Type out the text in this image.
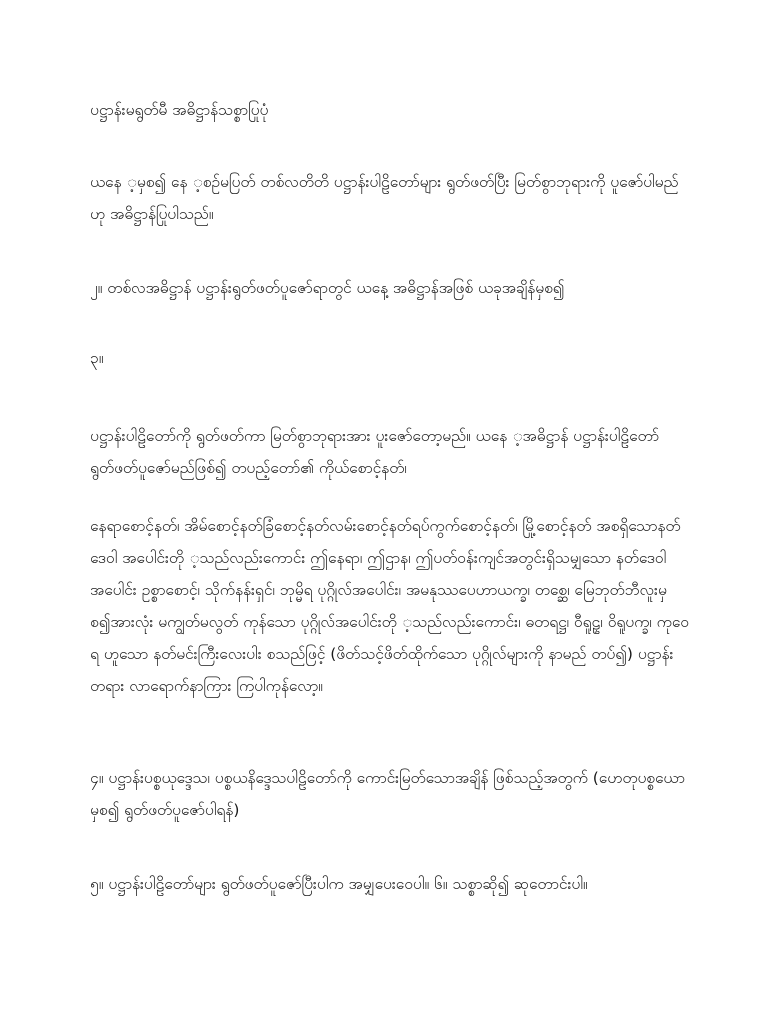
ပဋ္ဌာန်းမရွတ်မီ အဓိဋ္ဌာန်သစ္စာပြုပုံ

ယနေ ့မှစ၍ နေ ့စဉ်မပြတ် တစ်လတိတိ ပဋ္ဌာန်းပါဠိတော်များ ရွတ်ဖတ်ပြီး မြတ်စွာဘုရားကို ပူဇော်ပါမည်ဟု အဓိဋ္ဌာန်ပြုပါသည်။

၂။ တစ်လအဓိဋ္ဌာန် ပဋ္ဌာန်းရွတ်ဖတ်ပူဇော်ရာတွင် ယနေ့ အဓိဋ္ဌာန်အဖြစ် ယခုအချိန်မှစ၍

၃။

ပဋ္ဌာန်းပါဠိတော်ကို ရွတ်ဖတ်ကာ မြတ်စွာဘုရားအား ပူးဇော်တော့မည်။ ယနေ ့အဓိဋ္ဌာန် ပဋ္ဌာန်းပါဠိတော် ရွတ်ဖတ်ပူဇော်မည်ဖြစ်၍ တပည့်တော်၏ ကိုယ်စောင့်နတ်၊

နေရာစောင့်နတ်၊ အိမ်စောင့်နတ်ခြံစောင့်နတ်လမ်းစောင့်နတ်ရပ်ကွက်စောင့်နတ်၊ မြို့စောင့်နတ် အစရှိသောနတ်ဒေဝါ အပေါင်းတို ့သည်လည်းကောင်း ဤနေရာ၊ ဤဌာန၊ ဤပတ်ဝန်းကျင်အတွင်းရှိသမျှသော နတ်ဒေဝါအပေါင်း ဥစ္စာစောင့်၊ သိုက်နန်းရှင်၊ ဘုမ္မိရ ပုဂ္ဂိုလ်အပေါင်း၊ အမနုဿပေဟာယက္ခ၊ တစ္ဆေ၊ မြေဘုတ်ဘီလူးမှစ၍အားလုံး မကျွတ်မလွတ် ကုန်သော ပုဂ္ဂိုလ်အပေါင်းတို ့သည်လည်းကောင်း၊ ဓတရဋ္ဌ၊ ဝီရူဠှ၊ ဝိရူပက္ခ၊ ကုဝေရ ဟူသော နတ်မင်းကြီးလေးပါး စသည်ဖြင့် (ဖိတ်သင့်ဖိတ်ထိုက်သော ပုဂ္ဂိုလ်များကို နာမည် တပ်၍) ပဋ္ဌာန်းတရား လာရောက်နာကြား ကြပါကုန်လော့။

၄။ ပဋ္ဌာန်းပစ္စယုဒ္ဒေသ၊ ပစ္စယနိဒ္ဒေသပါဠိတော်ကို ကောင်းမြတ်သောအချိန် ဖြစ်သည့်အတွက် (ဟေတုပစ္စယောမှစ၍ ရွတ်ဖတ်ပူဇော်ပါရန်)

၅။ ပဋ္ဌာန်းပါဠိတော်များ ရွတ်ဖတ်ပူဇော်ပြီးပါက အမျှပေးဝေပါ။ ၆။ သစ္စာဆို၍ ဆုတောင်းပါ။
